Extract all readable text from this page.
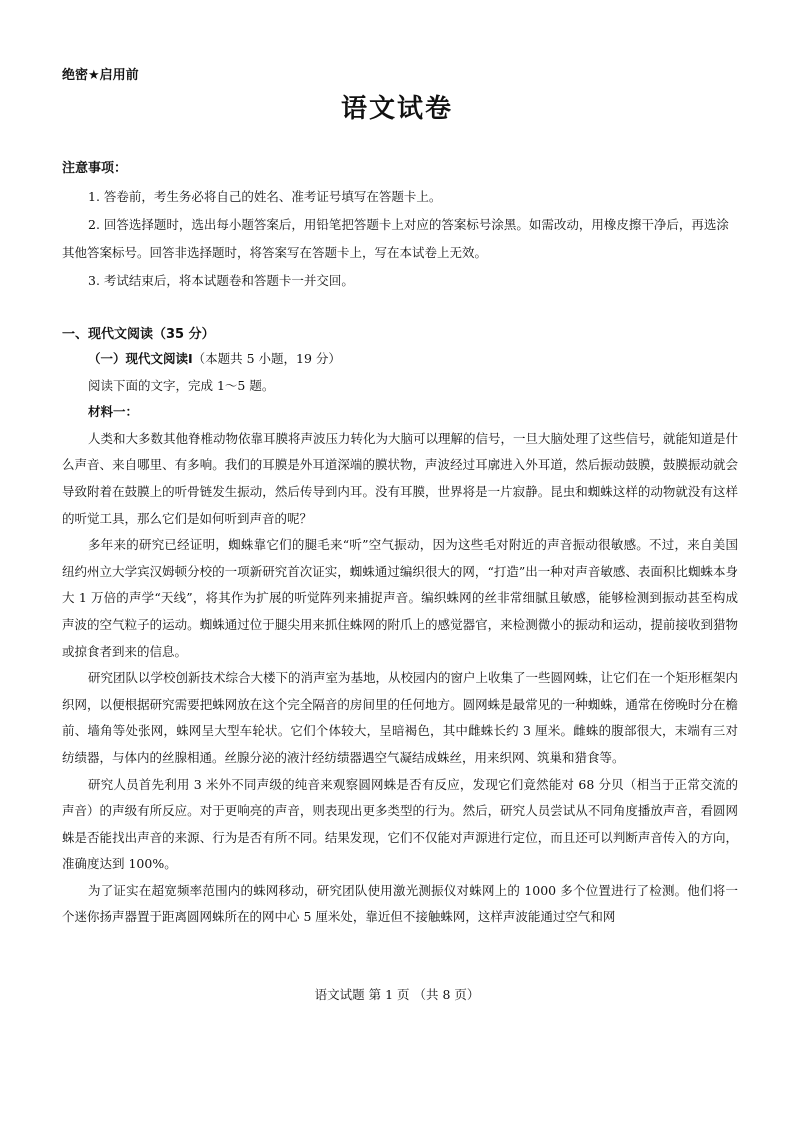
绝密★启用前
语文试卷
注意事项：

1. 答卷前，考生务必将自己的姓名、准考证号填写在答题卡上。

2. 回答选择题时，选出每小题答案后，用铅笔把答题卡上对应的答案标号涂黑。如需改动，用橡皮擦干净后，再选涂其他答案标号。回答非选择题时，将答案写在答题卡上，写在本试卷上无效。

3. 考试结束后，将本试题卷和答题卡一并交回。

一、现代文阅读（35 分）

（一）现代文阅读Ⅰ（本题共 5 小题，19 分）

阅读下面的文字，完成 1～5 题。

材料一：

人类和大多数其他脊椎动物依靠耳膜将声波压力转化为大脑可以理解的信号，一旦大脑处理了这些信号，就能知道是什么声音、来自哪里、有多响。我们的耳膜是外耳道深端的膜状物，声波经过耳廓进入外耳道，然后振动鼓膜，鼓膜振动就会导致附着在鼓膜上的听骨链发生振动，然后传导到内耳。没有耳膜，世界将是一片寂静。昆虫和蜘蛛这样的动物就没有这样的听觉工具，那么它们是如何听到声音的呢？

多年来的研究已经证明，蜘蛛靠它们的腿毛来“听”空气振动，因为这些毛对附近的声音振动很敏感。不过，来自美国纽约州立大学宾汉姆顿分校的一项新研究首次证实，蜘蛛通过编织很大的网，“打造”出一种对声音敏感、表面积比蜘蛛本身大 1 万倍的声学“天线”，将其作为扩展的听觉阵列来捕捉声音。编织蛛网的丝非常细腻且敏感，能够检测到振动甚至构成声波的空气粒子的运动。蜘蛛通过位于腿尖用来抓住蛛网的附爪上的感觉器官，来检测微小的振动和运动，提前接收到猎物或掠食者到来的信息。

研究团队以学校创新技术综合大楼下的消声室为基地，从校园内的窗户上收集了一些圆网蛛，让它们在一个矩形框架内织网，以便根据研究需要把蛛网放在这个完全隔音的房间里的任何地方。圆网蛛是最常见的一种蜘蛛，通常在傍晚时分在檐前、墙角等处张网，蛛网呈大型车轮状。它们个体较大，呈暗褐色，其中雌蛛长约 3 厘米。雌蛛的腹部很大，末端有三对纺绩器，与体内的丝腺相通。丝腺分泌的液汁经纺绩器遇空气凝结成蛛丝，用来织网、筑巢和猎食等。

研究人员首先利用 3 米外不同声级的纯音来观察圆网蛛是否有反应，发现它们竟然能对 68 分贝（相当于正常交流的声音）的声级有所反应。对于更响亮的声音，则表现出更多类型的行为。然后，研究人员尝试从不同角度播放声音，看圆网蛛是否能找出声音的来源、行为是否有所不同。结果发现，它们不仅能对声源进行定位，而且还可以判断声音传入的方向，准确度达到 100%。

为了证实在超宽频率范围内的蛛网移动，研究团队使用激光测振仪对蛛网上的 1000 多个位置进行了检测。他们将一个迷你扬声器置于距离圆网蛛所在的网中心 5 厘米处，靠近但不接触蛛网，这样声波能通过空气和网

语文试题 第 1 页 （共 8 页）
